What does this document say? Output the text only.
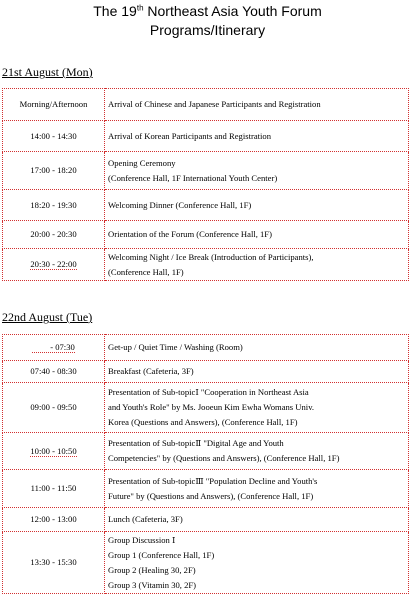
The 19th Northeast Asia Youth Forum
Programs/Itinerary
21st August (Mon)
Morning/Afternoon	Arrival of Chinese and Japanese Participants and Registration

14:00 - 14:30	Arrival of Korean Participants and Registration

17:00 - 18:20	Opening Ceremony
(Conference Hall, 1F International Youth Center)

18:20 - 19:30	Welcoming Dinner (Conference Hall, 1F)

20:00 - 20:30	Orientation of the Forum (Conference Hall, 1F)

20:30 - 22:00	Welcoming Night / Ice Break (Introduction of Participants),
(Conference Hall, 1F)
22nd August (Tue)
- 07:30	Get-up / Quiet Time / Washing (Room)

07:40 - 08:30	Breakfast (Cafeteria, 3F)

09:00 - 09:50	Presentation of Sub-topicⅠ "Cooperation in Northeast Asia
and Youth's Role" by Ms. Jooeun Kim Ewha Womans Univ.
Korea (Questions and Answers), (Conference Hall, 1F)

10:00 - 10:50	Presentation of Sub-topicⅡ "Digital Age and Youth
Competencies" by (Questions and Answers), (Conference Hall, 1F)

11:00 - 11:50	Presentation of Sub-topicⅢ "Population Decline and Youth's
Future" by (Questions and Answers), (Conference Hall, 1F)

12:00 - 13:00	Lunch (Cafeteria, 3F)

13:30 - 15:30	Group Discussion Ⅰ
Group 1 (Conference Hall, 1F)
Group 2 (Healing 30, 2F)
Group 3 (Vitamin 30, 2F)
